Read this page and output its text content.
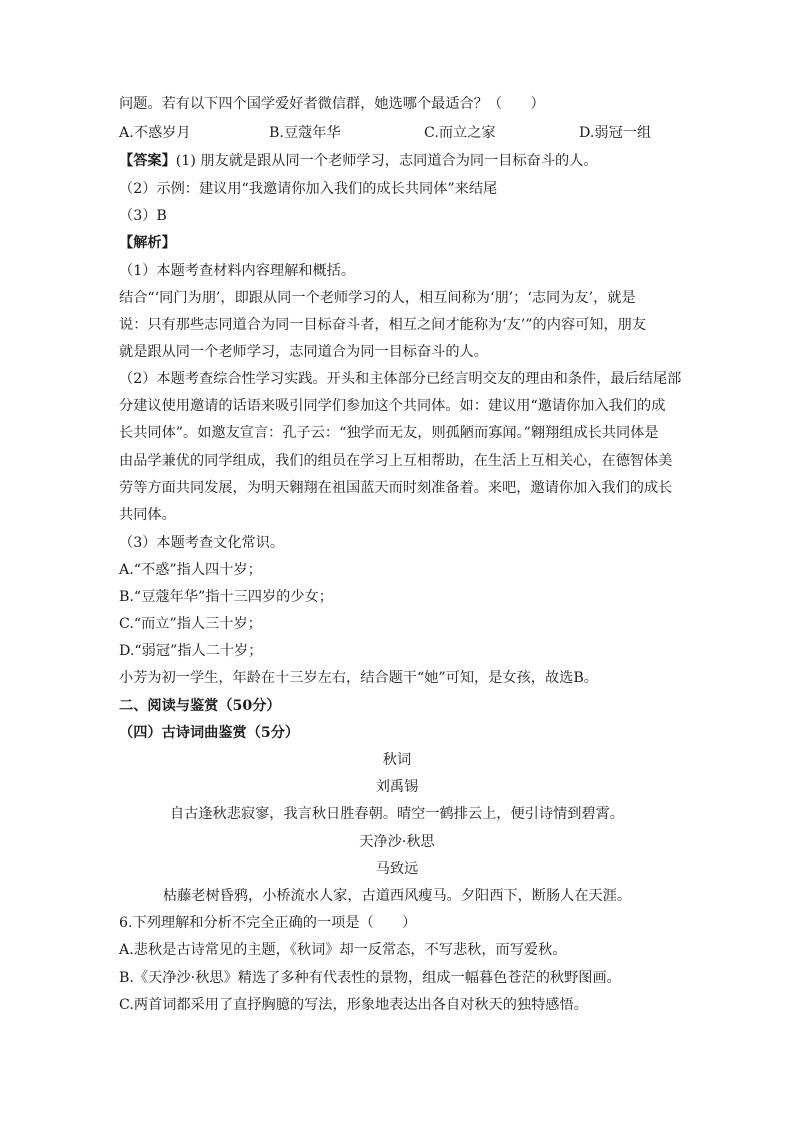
问题。若有以下四个国学爱好者微信群，她选哪个最适合？（　　）
A.不惑岁月	B.豆蔻年华	C.而立之家	D.弱冠一组
【答案】(1) 朋友就是跟从同一个老师学习，志同道合为同一目标奋斗的人。
（2）示例：建议用“我邀请你加入我们的成长共同体”来结尾
（3）B
【解析】
（1）本题考查材料内容理解和概括。
结合“‘同门为朋’，即跟从同一个老师学习的人，相互间称为‘朋’；‘志同为友’，就是
说：只有那些志同道合为同一目标奋斗者，相互之间才能称为‘友’”的内容可知，朋友
就是跟从同一个老师学习，志同道合为同一目标奋斗的人。
（2）本题考查综合性学习实践。开头和主体部分已经言明交友的理由和条件，最后结尾部
分建议使用邀请的话语来吸引同学们参加这个共同体。如：建议用“邀请你加入我们的成
长共同体”。如邀友宣言：孔子云：“独学而无友，则孤陋而寡闻。”翱翔组成长共同体是
由品学兼优的同学组成，我们的组员在学习上互相帮助，在生活上互相关心，在德智体美
劳等方面共同发展，为明天翱翔在祖国蓝天而时刻准备着。来吧，邀请你加入我们的成长
共同体。
（3）本题考查文化常识。
A.“不惑”指人四十岁；
B.“豆蔻年华”指十三四岁的少女；
C.“而立”指人三十岁；
D.“弱冠”指人二十岁；
小芳为初一学生，年龄在十三岁左右，结合题干“她”可知，是女孩，故选B。
二、阅读与鉴赏（50分）
（四）古诗词曲鉴赏（5分）
秋词
刘禹锡
自古逢秋悲寂寥，我言秋日胜春朝。晴空一鹤排云上，便引诗情到碧霄。
天净沙·秋思
马致远
枯藤老树昏鸦，小桥流水人家，古道西风瘦马。夕阳西下，断肠人在天涯。
6.下列理解和分析不完全正确的一项是（　　）
A.悲秋是古诗常见的主题，《秋词》却一反常态，不写悲秋，而写爱秋。
B.《天净沙·秋思》精选了多种有代表性的景物，组成一幅暮色苍茫的秋野图画。
C.两首词都采用了直抒胸臆的写法，形象地表达出各自对秋天的独特感悟。
